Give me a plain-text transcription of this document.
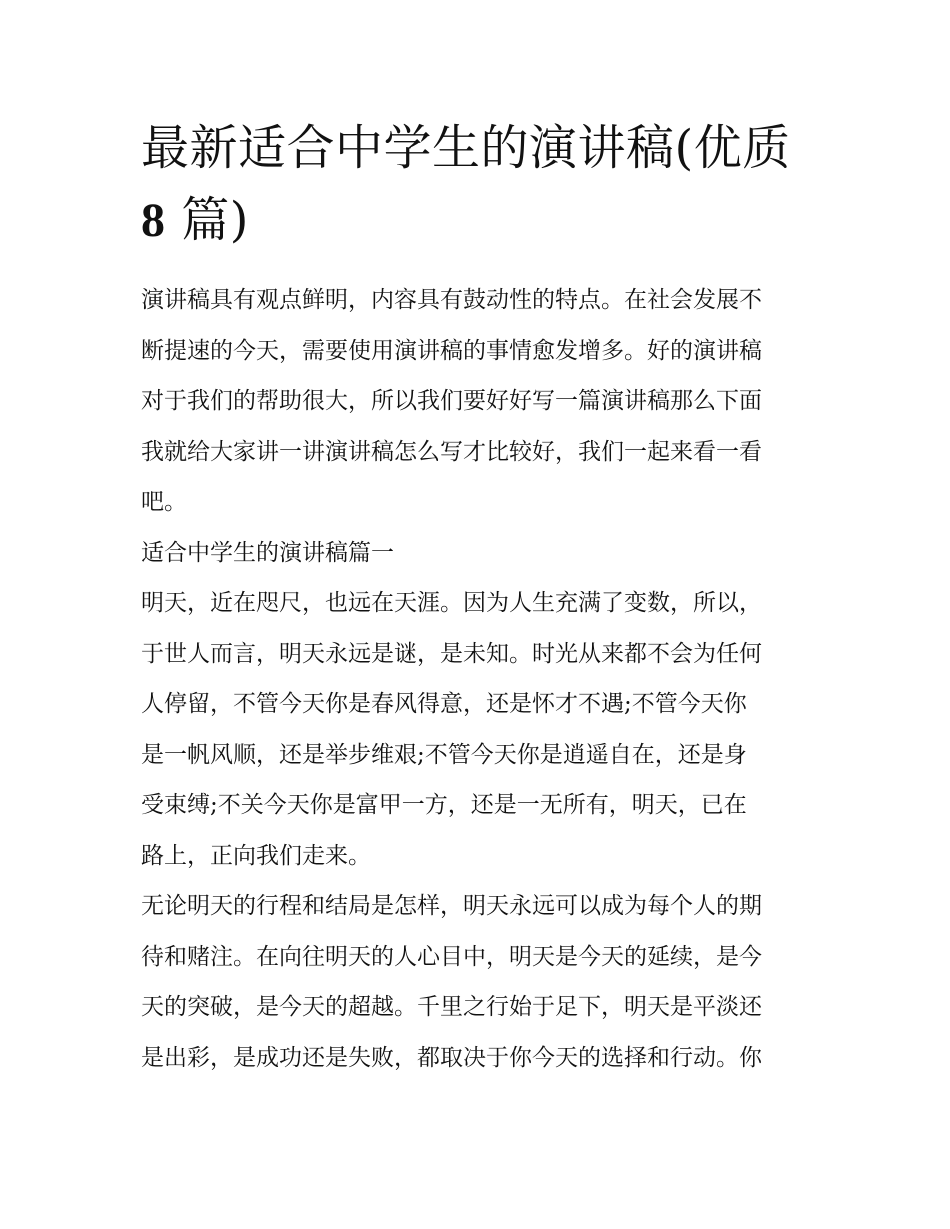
最新适合中学生的演讲稿(优质
8 篇)

演讲稿具有观点鲜明，内容具有鼓动性的特点。在社会发展不
断提速的今天，需要使用演讲稿的事情愈发增多。好的演讲稿
对于我们的帮助很大，所以我们要好好写一篇演讲稿那么下面
我就给大家讲一讲演讲稿怎么写才比较好，我们一起来看一看
吧。

适合中学生的演讲稿篇一

明天，近在咫尺，也远在天涯。因为人生充满了变数，所以，
于世人而言，明天永远是谜，是未知。时光从来都不会为任何
人停留，不管今天你是春风得意，还是怀才不遇;不管今天你
是一帆风顺，还是举步维艰;不管今天你是逍遥自在，还是身
受束缚;不关今天你是富甲一方，还是一无所有，明天，已在
路上，正向我们走来。

无论明天的行程和结局是怎样，明天永远可以成为每个人的期
待和赌注。在向往明天的人心目中，明天是今天的延续，是今
天的突破，是今天的超越。千里之行始于足下，明天是平淡还
是出彩，是成功还是失败，都取决于你今天的选择和行动。你
